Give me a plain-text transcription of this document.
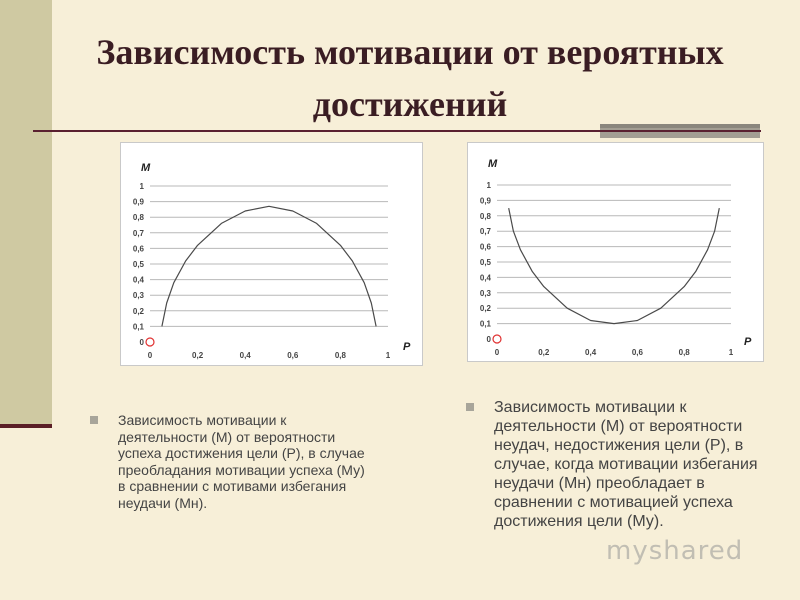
Зависимость мотивации от вероятных достижений
0
0,1
0,2
0,3
0,4
0,5
0,6
0,7
0,8
0,9
1
0	0,2	0,4	0,6	0,8	1
М
Р
0
0,1
0,2
0,3
0,4
0,5
0,6
0,7
0,8
0,9
1
0	0,2	0,4	0,6	0,8	1
М
Р
Зависимость мотивации к деятельности (М) от вероятности успеха достижения цели (Р), в случае преобладания мотивации успеха (Му) в сравнении с мотивами избегания неудачи (Мн).
Зависимость мотивации к деятельности (М) от вероятности неудач, недостижения цели (Р), в случае, когда мотивации избегания неудачи (Мн) преобладает в сравнении с мотивацией успеха достижения цели (Му).
myshared
